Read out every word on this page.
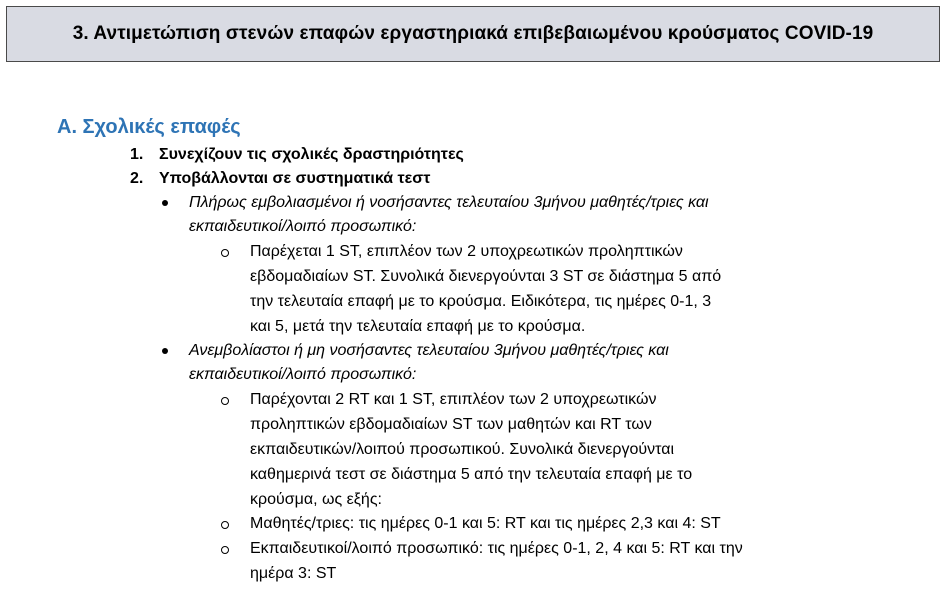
3. Αντιμετώπιση στενών επαφών εργαστηριακά επιβεβαιωμένου κρούσματος COVID-19
Α. Σχολικές επαφές
1. Συνεχίζουν τις σχολικές δραστηριότητες
2. Υποβάλλονται σε συστηματικά τεστ
Πλήρως εμβολιασμένοι ή νοσήσαντες τελευταίου 3μήνου μαθητές/τριες και
εκπαιδευτικοί/λοιπό προσωπικό:
Παρέχεται 1 ST, επιπλέον των 2 υποχρεωτικών προληπτικών
εβδομαδιαίων ST. Συνολικά διενεργούνται 3 ST σε διάστημα 5 από
την τελευταία επαφή με το κρούσμα. Ειδικότερα, τις ημέρες 0-1, 3
και 5, μετά την τελευταία επαφή με το κρούσμα.
Ανεμβολίαστοι ή μη νοσήσαντες τελευταίου 3μήνου μαθητές/τριες και
εκπαιδευτικοί/λοιπό προσωπικό:
Παρέχονται 2 RT και 1 ST, επιπλέον των 2 υποχρεωτικών
προληπτικών εβδομαδιαίων ST των μαθητών και RT των
εκπαιδευτικών/λοιπού προσωπικού. Συνολικά διενεργούνται
καθημερινά τεστ σε διάστημα 5 από την τελευταία επαφή με το
κρούσμα, ως εξής:
Μαθητές/τριες: τις ημέρες 0-1 και 5: RT και τις ημέρες 2,3 και 4: ST
Εκπαιδευτικοί/λοιπό προσωπικό: τις ημέρες 0-1, 2, 4 και 5: RT και την
ημέρα 3: ST
